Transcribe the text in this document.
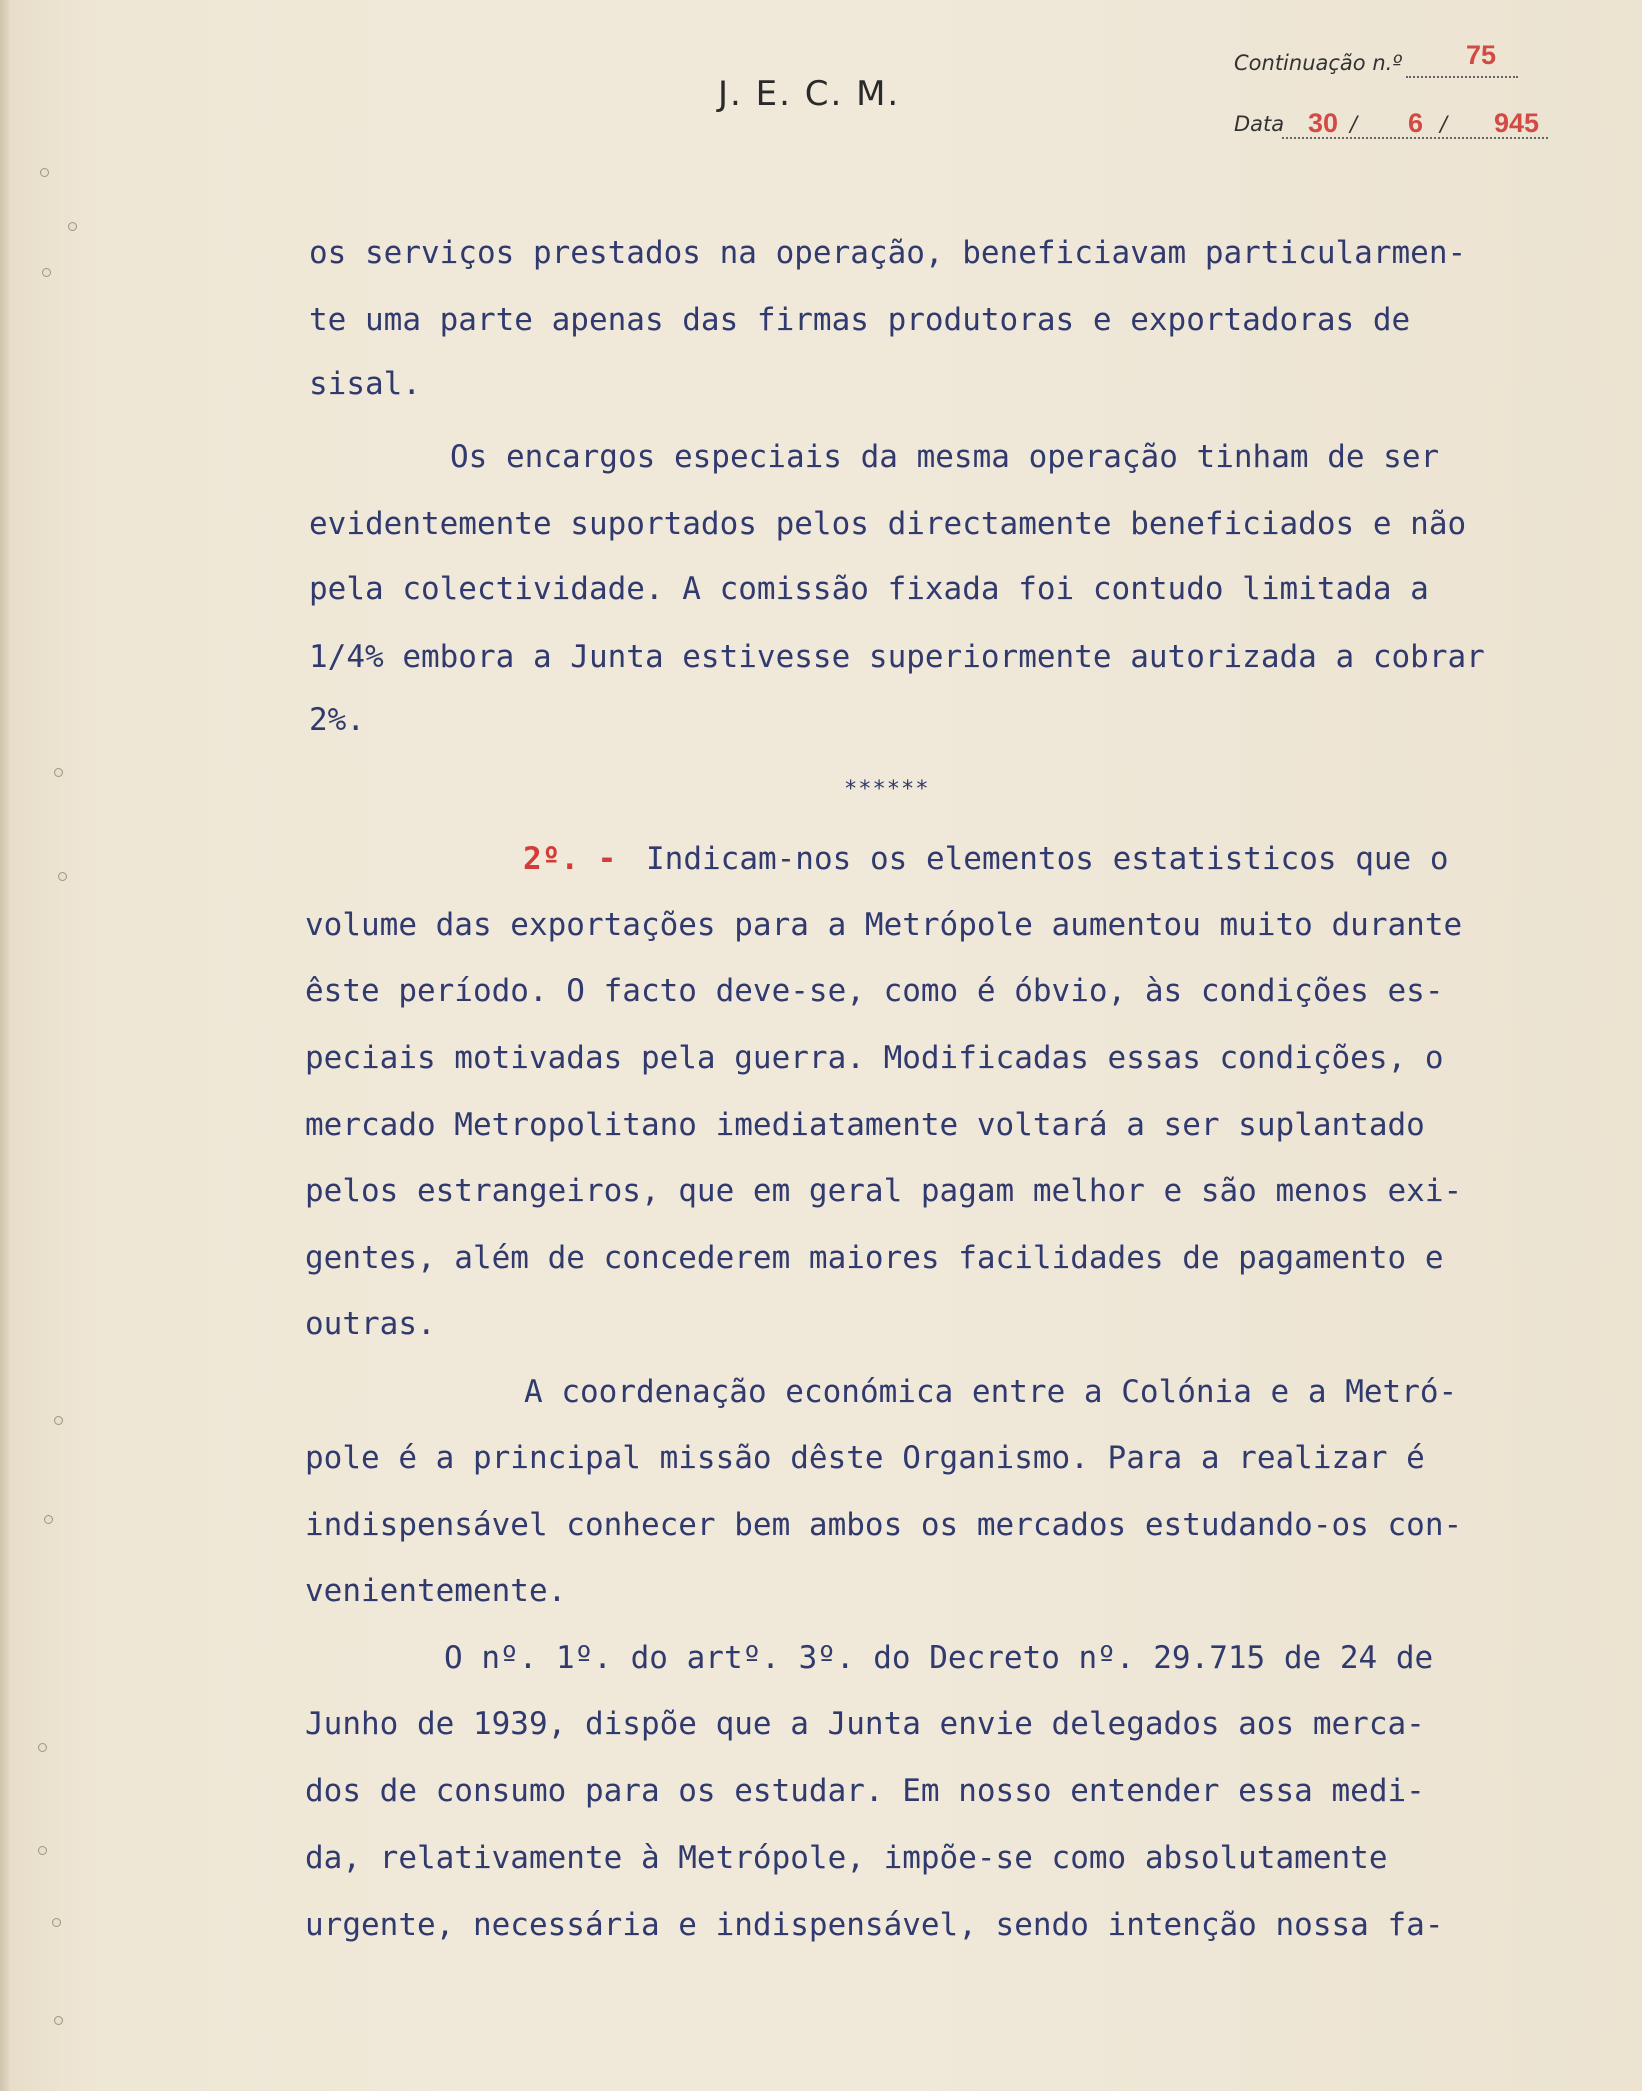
J. E. C. M.
Continuação n.º 75
Data 30 / 6 / 945
os serviços prestados na operação, beneficiavam particularmen-
te uma parte apenas das firmas produtoras e exportadoras de
sisal.
Os encargos especiais da mesma operação tinham de ser
evidentemente suportados pelos directamente beneficiados e não
pela colectividade. A comissão fixada foi contudo limitada a
1/4% embora a Junta estivesse superiormente autorizada a cobrar
2%.
******
2º. - Indicam-nos os elementos estatisticos que o
volume das exportações para a Metrópole aumentou muito durante
êste período. O facto deve-se, como é óbvio, às condições es-
peciais motivadas pela guerra. Modificadas essas condições, o
mercado Metropolitano imediatamente voltará a ser suplantado
pelos estrangeiros, que em geral pagam melhor e são menos exi-
gentes, além de concederem maiores facilidades de pagamento e
outras.
A coordenação económica entre a Colónia e a Metró-
pole é a principal missão dêste Organismo. Para a realizar é
indispensável conhecer bem ambos os mercados estudando-os con-
venientemente.
O nº. 1º. do artº. 3º. do Decreto nº. 29.715 de 24 de
Junho de 1939, dispõe que a Junta envie delegados aos merca-
dos de consumo para os estudar. Em nosso entender essa medi-
da, relativamente à Metrópole, impõe-se como absolutamente
urgente, necessária e indispensável, sendo intenção nossa fa-
